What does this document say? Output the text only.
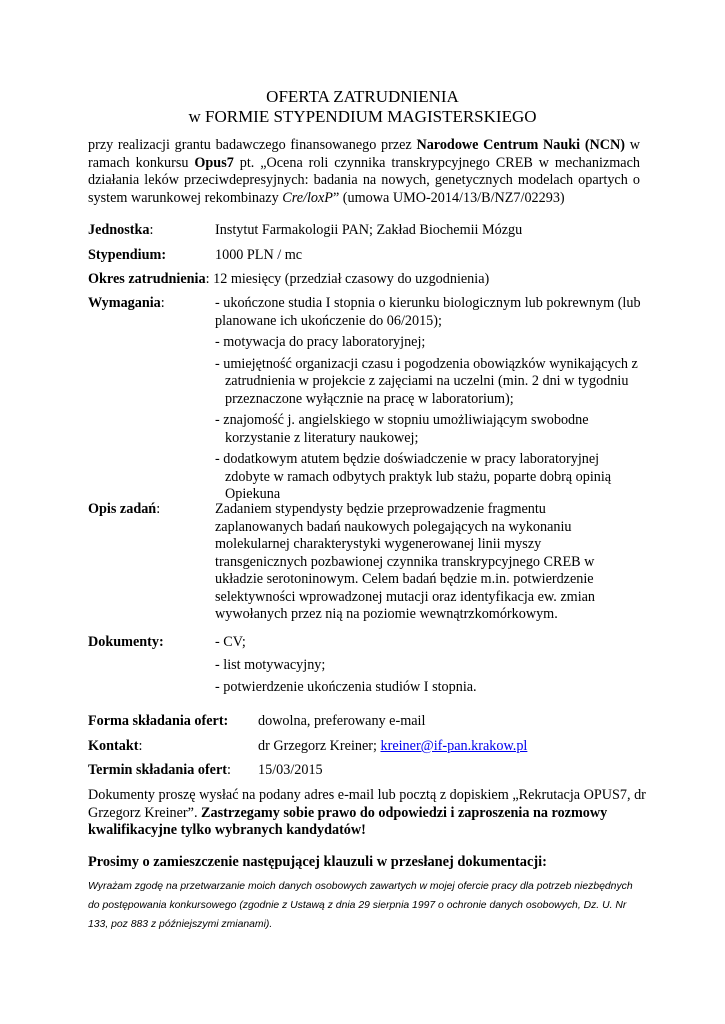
OFERTA ZATRUDNIENIA
w FORMIE STYPENDIUM MAGISTERSKIEGO
przy realizacji grantu badawczego finansowanego przez Narodowe Centrum Nauki (NCN) w ramach konkursu Opus7 pt. „Ocena roli czynnika transkrypcyjnego CREB w mechanizmach działania leków przeciwdepresyjnych: badania na nowych, genetycznych modelach opartych o system warunkowej rekombinazy Cre/loxP” (umowa UMO-2014/13/B/NZ7/02293)
Jednostka:	Instytut Farmakologii PAN; Zakład Biochemii Mózgu
Stypendium:	1000 PLN / mc
Okres zatrudnienia: 12 miesięcy (przedział czasowy do uzgodnienia)
Wymagania:	- ukończone studia I stopnia o kierunku biologicznym lub pokrewnym (lub planowane ich ukończenie do 06/2015);
- motywacja do pracy laboratoryjnej;
- umiejętność organizacji czasu i pogodzenia obowiązków wynikających z zatrudnienia w projekcie z zajęciami na uczelni (min. 2 dni w tygodniu przeznaczone wyłącznie na pracę w laboratorium);
- znajomość j. angielskiego w stopniu umożliwiającym swobodne korzystanie z literatury naukowej;
- dodatkowym atutem będzie doświadczenie w pracy laboratoryjnej zdobyte w ramach odbytych praktyk lub stażu, poparte dobrą opinią Opiekuna
Opis zadań:	Zadaniem stypendysty będzie przeprowadzenie fragmentu zaplanowanych badań naukowych polegających na wykonaniu molekularnej charakterystyki wygenerowanej linii myszy transgenicznych pozbawionej czynnika transkrypcyjnego CREB w układzie serotoninowym. Celem badań będzie m.in. potwierdzenie selektywności wprowadzonej mutacji oraz identyfikacja ew. zmian wywołanych przez nią na poziomie wewnątrzkomórkowym.
Dokumenty:	- CV;
- list motywacyjny;
- potwierdzenie ukończenia studiów I stopnia.
Forma składania ofert: dowolna, preferowany e-mail
Kontakt:	dr Grzegorz Kreiner; kreiner@if-pan.krakow.pl
Termin składania ofert: 15/03/2015
Dokumenty proszę wysłać na podany adres e-mail lub pocztą z dopiskiem „Rekrutacja OPUS7, dr Grzegorz Kreiner”. Zastrzegamy sobie prawo do odpowiedzi i zaproszenia na rozmowy kwalifikacyjne tylko wybranych kandydatów!
Prosimy o zamieszczenie następującej klauzuli w przesłanej dokumentacji:
Wyrażam zgodę na przetwarzanie moich danych osobowych zawartych w mojej ofercie pracy dla potrzeb niezbędnych do postępowania konkursowego (zgodnie z Ustawą z dnia 29 sierpnia 1997 o ochronie danych osobowych, Dz. U. Nr 133, poz 883 z późniejszymi zmianami).
